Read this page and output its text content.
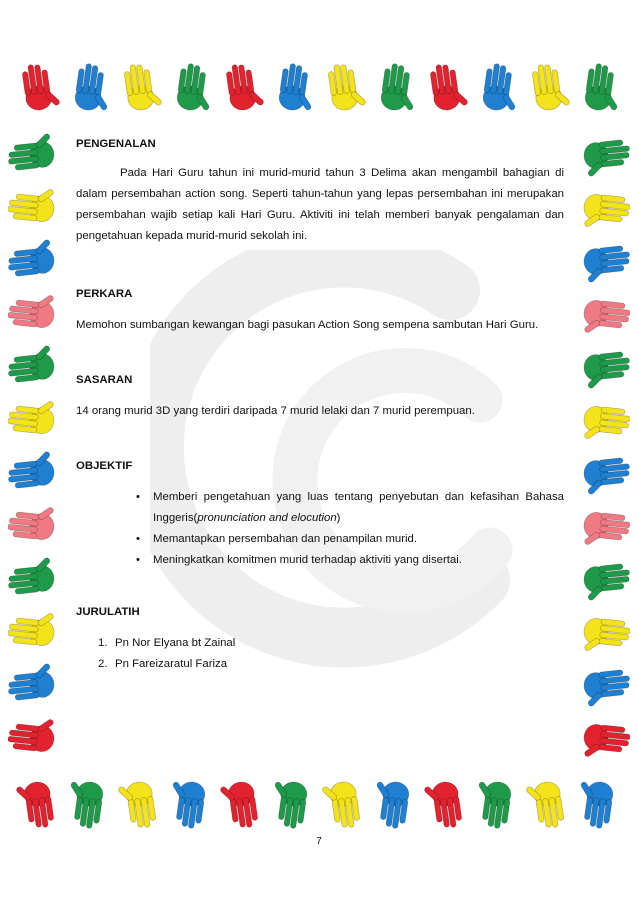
PENGENALAN

Pada Hari Guru tahun ini murid-murid tahun 3 Delima akan mengambil bahagian di dalam persembahan action song. Seperti tahun-tahun yang lepas persembahan ini merupakan persembahan wajib setiap kali Hari Guru. Aktiviti ini telah memberi banyak pengalaman dan pengetahuan kepada murid-murid sekolah ini.

PERKARA

Memohon sumbangan kewangan bagi pasukan Action Song sempena sambutan Hari Guru.

SASARAN

14 orang murid 3D yang terdiri daripada 7 murid lelaki dan 7 murid perempuan.

OBJEKTIF

• Memberi pengetahuan yang luas tentang penyebutan dan kefasihan Bahasa Inggeris(pronunciation and elocution)
• Memantapkan persembahan dan penampilan murid.
• Meningkatkan komitmen murid terhadap aktiviti yang disertai.

JURULATIH

1. Pn Nor Elyana bt Zainal
2. Pn Fareizaratul Fariza
7
